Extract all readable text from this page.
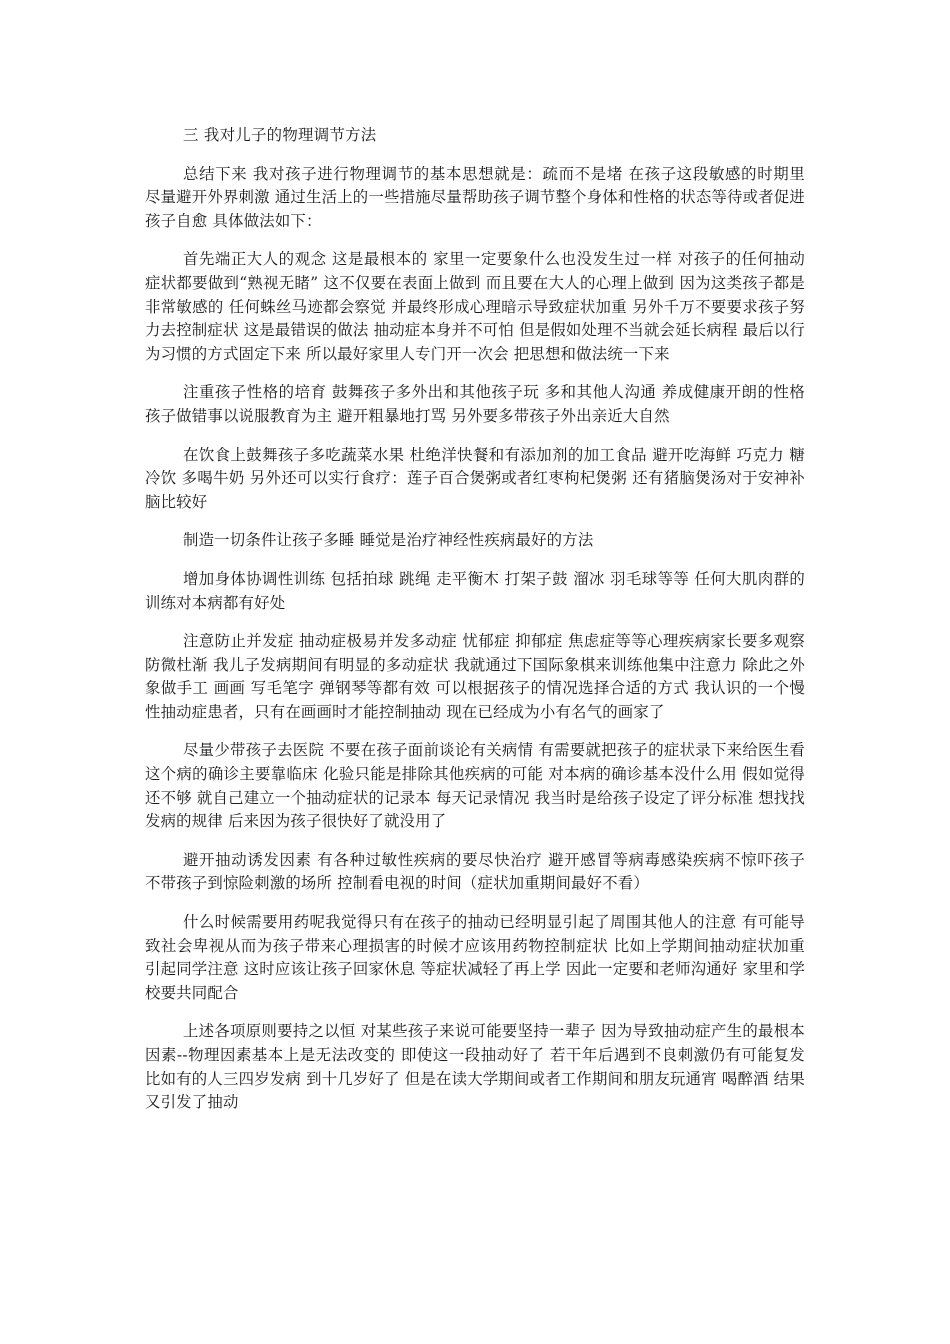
三 我对儿子的物理调节方法

总结下来 我对孩子进行物理调节的基本思想就是：疏而不是堵 在孩子这段敏感的时期里 尽量避开外界刺激 通过生活上的一些措施尽量帮助孩子调节整个身体和性格的状态等待或者促进孩子自愈 具体做法如下：

首先端正大人的观念 这是最根本的 家里一定要象什么也没发生过一样 对孩子的任何抽动症状都要做到“熟视无睹” 这不仅要在表面上做到 而且要在大人的心理上做到 因为这类孩子都是非常敏感的 任何蛛丝马迹都会察觉 并最终形成心理暗示导致症状加重 另外千万不要要求孩子努力去控制症状 这是最错误的做法 抽动症本身并不可怕 但是假如处理不当就会延长病程 最后以行为习惯的方式固定下来 所以最好家里人专门开一次会 把思想和做法统一下来

注重孩子性格的培育 鼓舞孩子多外出和其他孩子玩 多和其他人沟通 养成健康开朗的性格 孩子做错事以说服教育为主 避开粗暴地打骂 另外要多带孩子外出亲近大自然

在饮食上鼓舞孩子多吃蔬菜水果 杜绝洋快餐和有添加剂的加工食品 避开吃海鲜 巧克力 糖 冷饮 多喝牛奶 另外还可以实行食疗：莲子百合煲粥或者红枣枸杞煲粥 还有猪脑煲汤对于安神补脑比较好

制造一切条件让孩子多睡 睡觉是治疗神经性疾病最好的方法

增加身体协调性训练 包括拍球 跳绳 走平衡木 打架子鼓 溜冰 羽毛球等等 任何大肌肉群的训练对本病都有好处

注意防止并发症 抽动症极易并发多动症 忧郁症 抑郁症 焦虑症等等心理疾病家长要多观察 防微杜渐 我儿子发病期间有明显的多动症状 我就通过下国际象棋来训练他集中注意力 除此之外象做手工 画画 写毛笔字 弹钢琴等都有效 可以根据孩子的情况选择合适的方式 我认识的一个慢性抽动症患者，只有在画画时才能控制抽动 现在已经成为小有名气的画家了

尽量少带孩子去医院 不要在孩子面前谈论有关病情 有需要就把孩子的症状录下来给医生看 这个病的确诊主要靠临床 化验只能是排除其他疾病的可能 对本病的确诊基本没什么用 假如觉得还不够 就自己建立一个抽动症状的记录本 每天记录情况 我当时是给孩子设定了评分标准 想找找发病的规律 后来因为孩子很快好了就没用了

避开抽动诱发因素 有各种过敏性疾病的要尽快治疗 避开感冒等病毒感染疾病不惊吓孩子 不带孩子到惊险刺激的场所 控制看电视的时间（症状加重期间最好不看）

什么时候需要用药呢我觉得只有在孩子的抽动已经明显引起了周围其他人的注意 有可能导致社会卑视从而为孩子带来心理损害的时候才应该用药物控制症状 比如上学期间抽动症状加重 引起同学注意 这时应该让孩子回家休息 等症状减轻了再上学 因此一定要和老师沟通好 家里和学校要共同配合

上述各项原则要持之以恒 对某些孩子来说可能要坚持一辈子 因为导致抽动症产生的最根本因素--物理因素基本上是无法改变的 即使这一段抽动好了 若干年后遇到不良刺激仍有可能复发 比如有的人三四岁发病 到十几岁好了 但是在读大学期间或者工作期间和朋友玩通宵 喝醉酒 结果又引发了抽动
